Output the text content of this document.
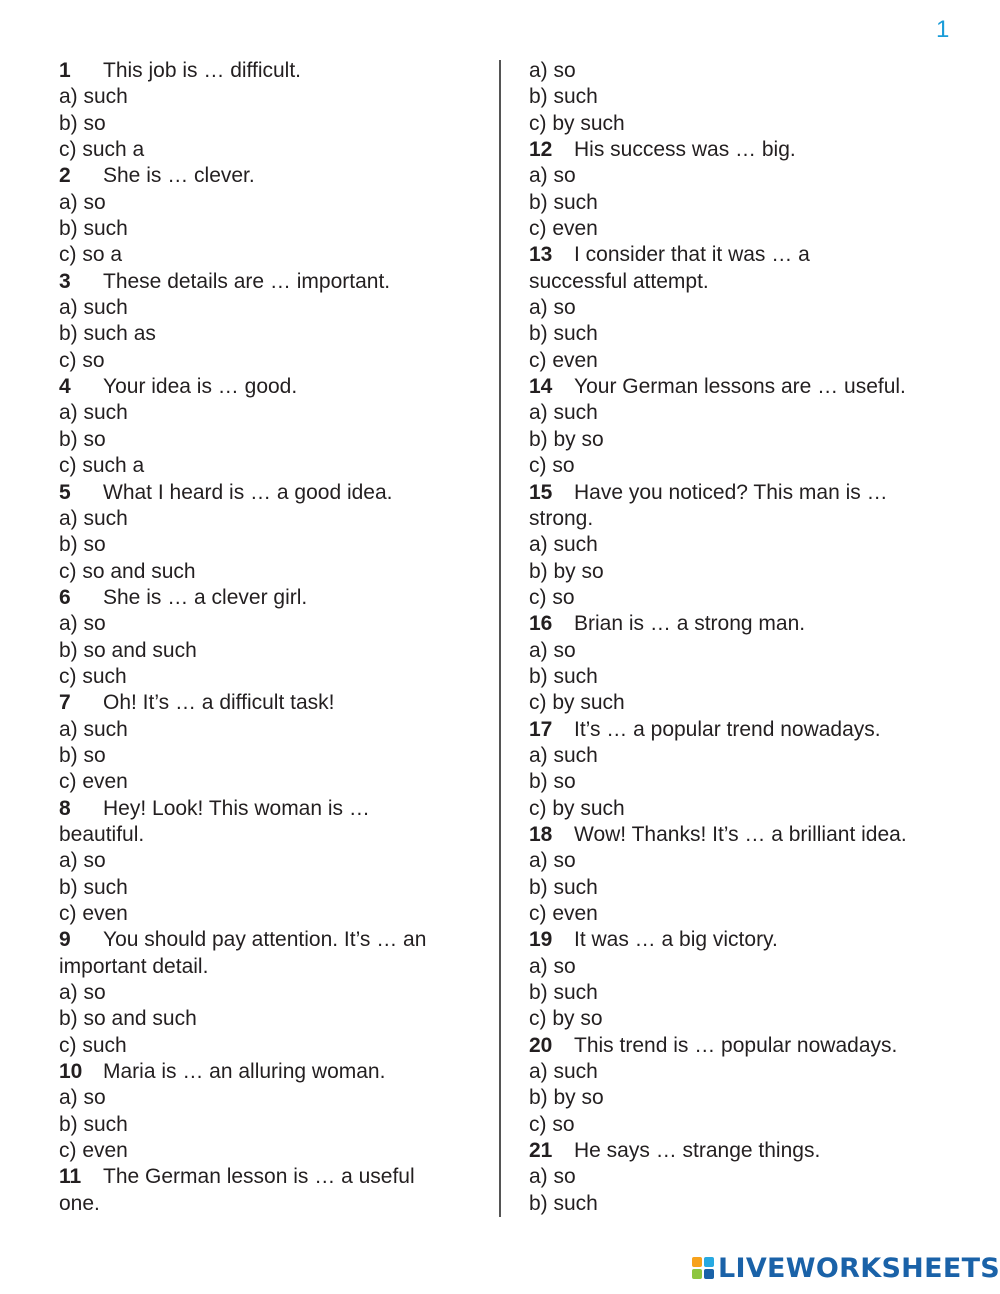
1
1 This job is … difficult.
a) such
b) so
c) such a
2 She is … clever.
a) so
b) such
c) so a
3 These details are … important.
a) such
b) such as
c) so
4 Your idea is … good.
a) such
b) so
c) such a
5 What I heard is … a good idea.
a) such
b) so
c) so and such
6 She is … a clever girl.
a) so
b) so and such
c) such
7 Oh! It’s … a difficult task!
a) such
b) so
c) even
8 Hey! Look! This woman is …
beautiful.
a) so
b) such
c) even
9 You should pay attention. It’s … an
important detail.
a) so
b) so and such
c) such
10 Maria is … an alluring woman.
a) so
b) such
c) even
11 The German lesson is … a useful
one.
a) so
b) such
c) by such
12 His success was … big.
a) so
b) such
c) even
13 I consider that it was … a
successful attempt.
a) so
b) such
c) even
14 Your German lessons are … useful.
a) such
b) by so
c) so
15 Have you noticed? This man is …
strong.
a) such
b) by so
c) so
16 Brian is … a strong man.
a) so
b) such
c) by such
17 It’s … a popular trend nowadays.
a) such
b) so
c) by such
18 Wow! Thanks! It’s … a brilliant idea.
a) so
b) such
c) even
19 It was … a big victory.
a) so
b) such
c) by so
20 This trend is … popular nowadays.
a) such
b) by so
c) so
21 He says … strange things.
a) so
b) such
LIVEWORKSHEETS
